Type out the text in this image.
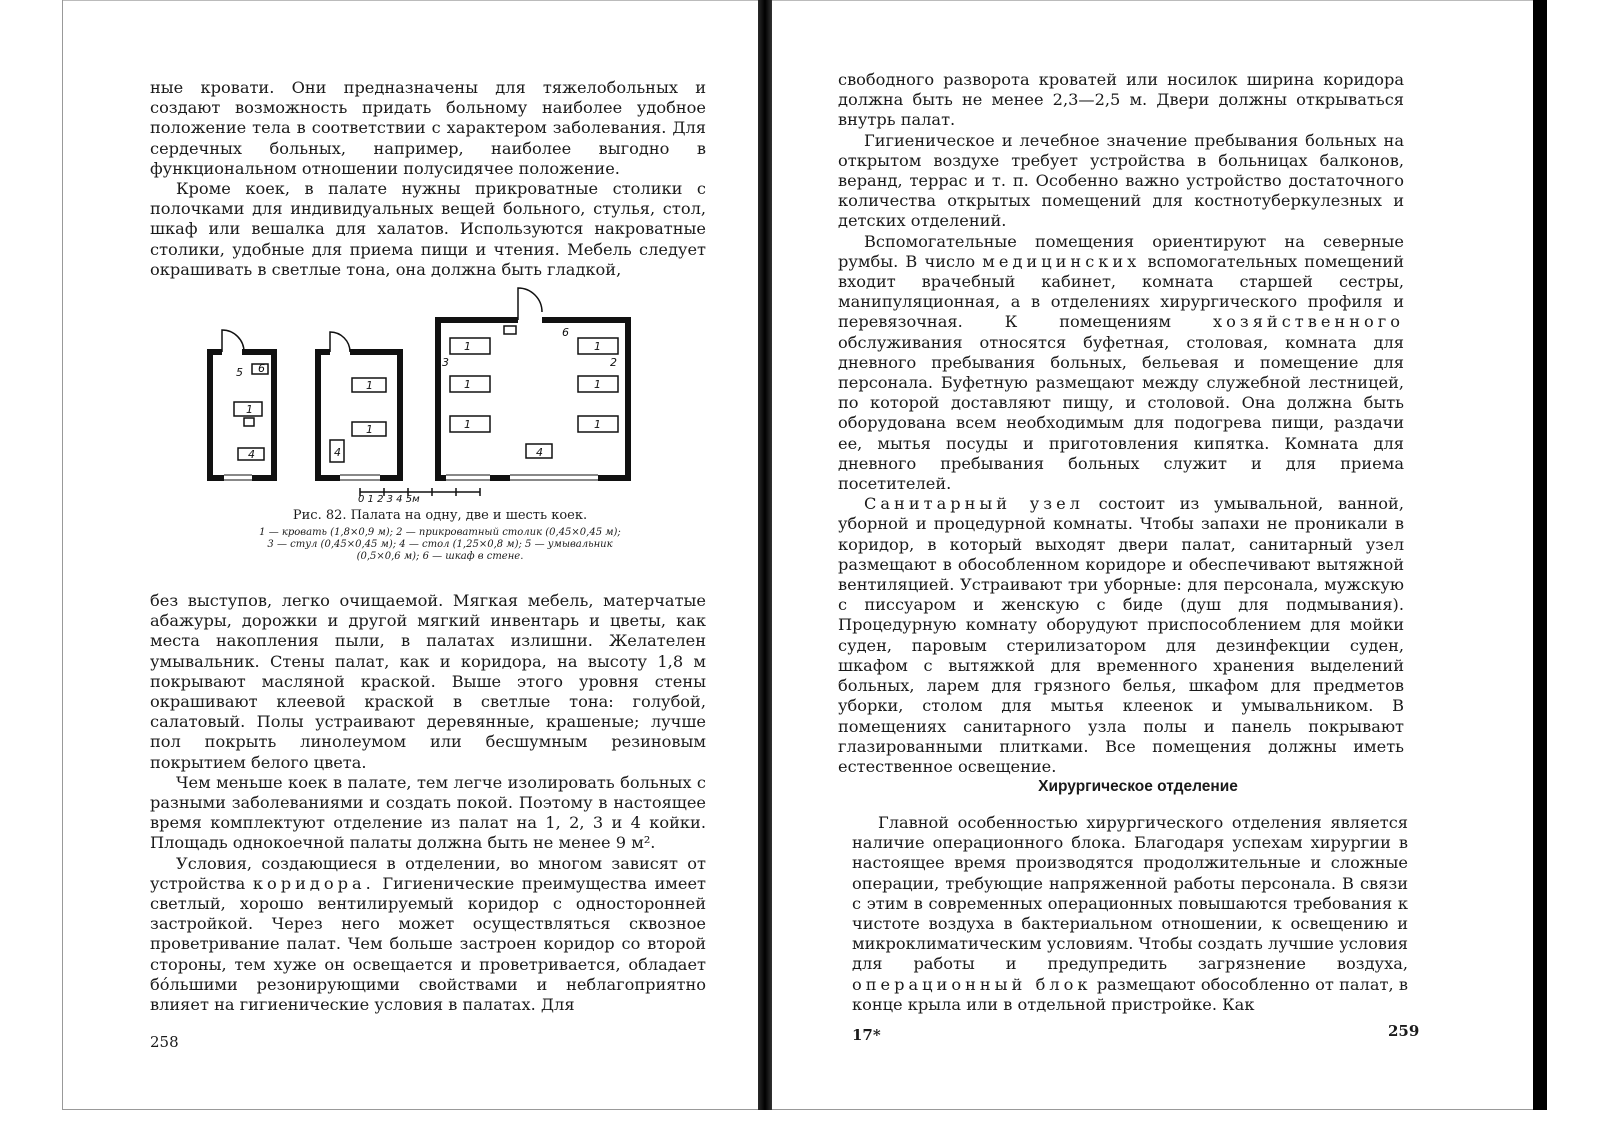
ные кровати. Они предназначены для тяжелобольных и создают возможность придать больному наиболее удобное положение тела в соответствии с характером заболевания. Для сердечных больных, например, наиболее выгодно в функциональном отношении полусидячее положение.

Кроме коек, в палате нужны прикроватные столики с полочками для индивидуальных вещей больного, стулья, стол, шкаф или вешалка для халатов. Используются накроватные столики, удобные для приема пищи и чтения. Мебель следует окрашивать в светлые тона, она должна быть гладкой,

1
4
5 6
1
1
4
1
1
1
1
1
1
4
6
3	2
0 1 2 3 4 5м
Рис. 82. Палата на одну, две и шесть коек.
1 — кровать (1,8×0,9 м); 2 — прикроватный столик (0,45×0,45 м);
3 — стул (0,45×0,45 м); 4 — стол (1,25×0,8 м); 5 — умывальник
(0,5×0,6 м); 6 — шкаф в стене.

без выступов, легко очищаемой. Мягкая мебель, матерчатые абажуры, дорожки и другой мягкий инвентарь и цветы, как места накопления пыли, в палатах излишни. Желателен умывальник. Стены палат, как и коридора, на высоту 1,8 м покрывают масляной краской. Выше этого уровня стены окрашивают клеевой краской в светлые тона: голубой, салатовый. Полы устраивают деревянные, крашеные; лучше пол покрыть линолеумом или бесшумным резиновым покрытием белого цвета.

Чем меньше коек в палате, тем легче изолировать больных с разными заболеваниями и создать покой. Поэтому в настоящее время комплектуют отделение из палат на 1, 2, 3 и 4 койки. Площадь однокоечной палаты должна быть не менее 9 м².

Условия, создающиеся в отделении, во многом зависят от устройства коридора. Гигиенические преимущества имеет светлый, хорошо вентилируемый коридор с односторонней застройкой. Через него может осуществляться сквозное проветривание палат. Чем больше застроен коридор со второй стороны, тем хуже он освещается и проветривается, обладает бóльшими резонирующими свойствами и неблагоприятно влияет на гигиенические условия в палатах. Для

258

свободного разворота кроватей или носилок ширина коридора должна быть не менее 2,3—2,5 м. Двери должны открываться внутрь палат.

Гигиеническое и лечебное значение пребывания больных на открытом воздухе требует устройства в больницах балконов, веранд, террас и т. п. Особенно важно устройство достаточного количества открытых помещений для костнотуберкулезных и детских отделений.

Вспомогательные помещения ориентируют на северные румбы. В число медицинских вспомогательных помещений входит врачебный кабинет, комната старшей сестры, манипуляционная, а в отделениях хирургического профиля и перевязочная. К помещениям	хозяйственного обслуживания относятся буфетная, столовая, комната для дневного пребывания больных, бельевая и помещение для персонала. Буфетную размещают между служебной лестницей, по которой доставляют пищу, и столовой. Она должна быть оборудована всем необходимым для подогрева пищи, раздачи ее, мытья посуды и приготовления кипятка. Комната для дневного пребывания больных служит и для приема посетителей.

Санитарный узел состоит из умывальной, ванной, уборной и процедурной комнаты. Чтобы запахи не проникали в коридор, в который выходят двери палат, санитарный узел размещают в обособленном коридоре и обеспечивают вытяжной вентиляцией. Устраивают три уборные: для персонала, мужскую с писсуаром и женскую с биде (душ для подмывания). Процедурную комнату оборудуют приспособлением для мойки суден, паровым стерилизатором для дезинфекции суден, шкафом с вытяжкой для временного хранения выделений больных, ларем для грязного белья, шкафом для предметов уборки, столом для мытья клеенок и умывальником. В помещениях санитарного узла полы и панель покрывают глазированными плитками. Все помещения должны иметь естественное освещение.

Хирургическое отделение

Главной особенностью хирургического отделения является наличие операционного блока. Благодаря успехам хирургии в настоящее время производятся продолжительные и сложные операции, требующие напряженной работы персонала. В связи с этим в современных операционных повышаются требования к чистоте воздуха в бактериальном отношении, к освещению и микроклиматическим условиям. Чтобы создать лучшие условия для работы и предупредить загрязнение воздуха, операционный блок размещают обособленно от палат, в конце крыла или в отдельной пристройке. Как

17*	259
